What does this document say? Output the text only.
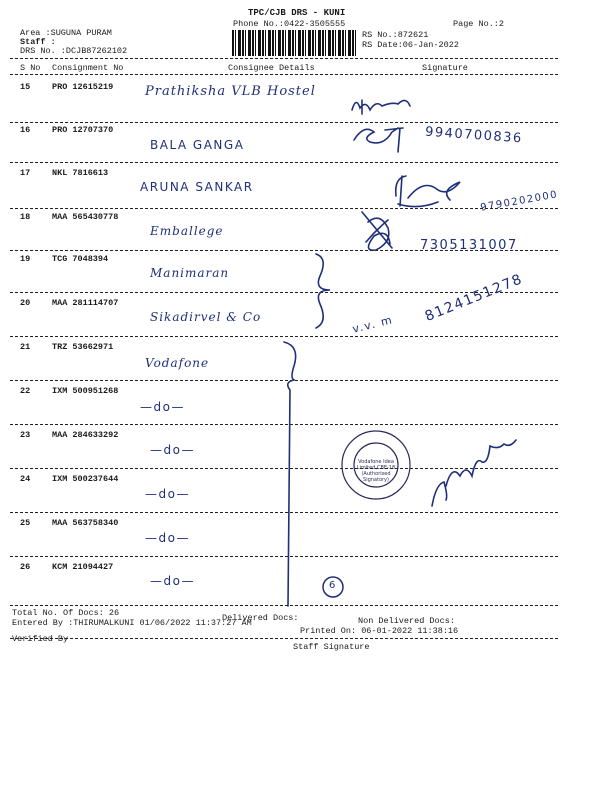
TPC/CJB DRS - KUNI
Phone No.:0422-3505555	Page No.:2
Area :SUGUNA PURAM
Staff :
DRS No. :DCJB87262102
RS No.:872621
RS Date:06-Jan-2022
S No Consignment No	Consignee Details	Signature
15	PRO 12615219 Prathiksha VLB Hostel
16	PRO 12707370
BALA GANGA	9940700836
17	NKL 7816613
ARUNA SANKAR
9790202000
18	MAA 565430778
Emballege
7305131007
19	TCG 7048394
Manimaran
20	MAA 281114707
Sikadirvel & Co	8124151278
21	TRZ 53662971
Vodafone
22	IXM 500951268
—do—
23	MAA 284633292
—do—
24	IXM 500237644
—do—
25	MAA 563758340
—do—
26	KCM 21094427
—do—
v.v. m
6
Vodafone Idea Limited CBE-18 (Authorised Signatory)
Total No. Of Docs: 26	Delivered Docs:	Non Delivered Docs:
Entered By :THIRUMALKUNI 01/06/2022 11:37:27 AM
Printed On: 06-01-2022 11:38:16
Verified By
Staff Signature
